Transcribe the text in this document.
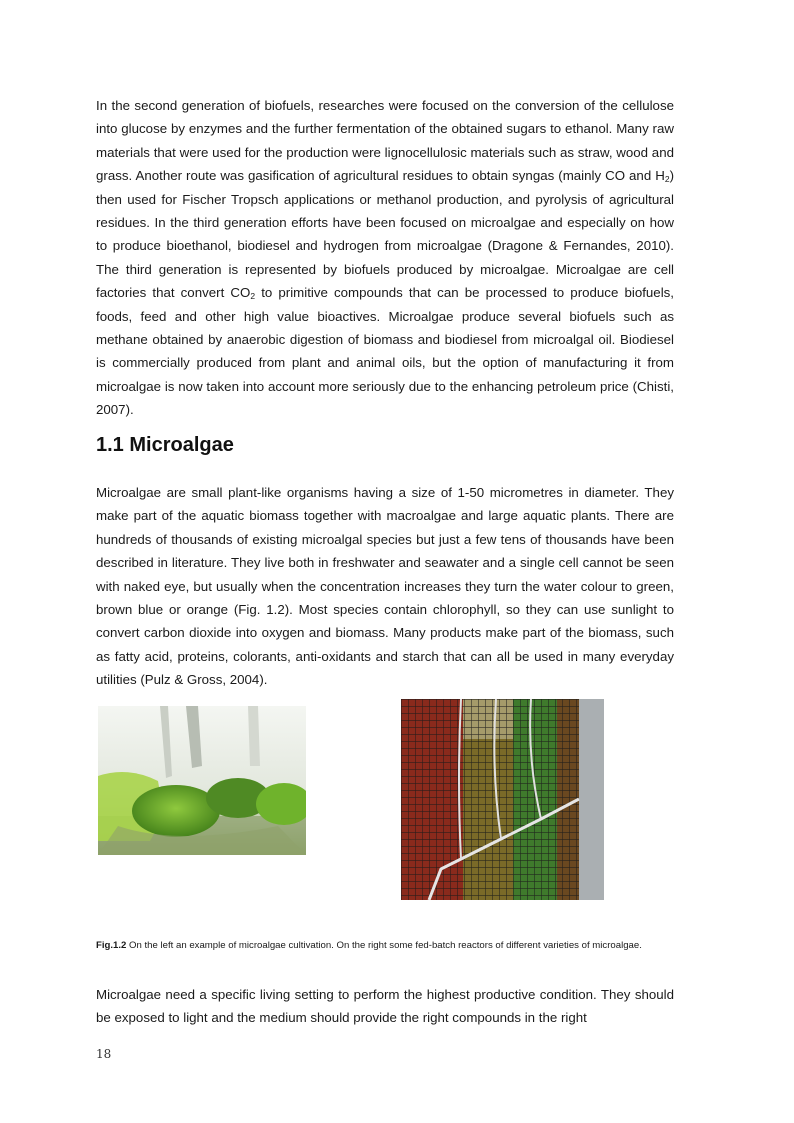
In the second generation of biofuels, researches were focused on the conversion of the cellulose into glucose by enzymes and the further fermentation of the obtained sugars to ethanol. Many raw materials that were used for the production were lignocellulosic materials such as straw, wood and grass. Another route was gasification of agricultural residues to obtain syngas (mainly CO and $H_2$) then used for Fischer Tropsch applications or methanol production, and pyrolysis of agricultural residues. In the third generation efforts have been focused on microalgae and especially on how to produce bioethanol, biodiesel and hydrogen from microalgae (Dragone & Fernandes, 2010). The third generation is represented by biofuels produced by microalgae. Microalgae are cell factories that convert $CO_2$ to primitive compounds that can be processed to produce biofuels, foods, feed and other high value bioactives. Microalgae produce several biofuels such as methane obtained by anaerobic digestion of biomass and biodiesel from microalgal oil. Biodiesel is commercially produced from plant and animal oils, but the option of manufacturing it from microalgae is now taken into account more seriously due to the enhancing petroleum price (Chisti, 2007).

1.1 Microalgae

Microalgae are small plant-like organisms having a size of 1-50 micrometres in diameter. They make part of the aquatic biomass together with macroalgae and large aquatic plants. There are hundreds of thousands of existing microalgal species but just a few tens of thousands have been described in literature. They live both in freshwater and seawater and a single cell cannot be seen with naked eye, but usually when the concentration increases they turn the water colour to green, brown blue or orange (Fig. 1.2). Most species contain chlorophyll, so they can use sunlight to convert carbon dioxide into oxygen and biomass. Many products make part of the biomass, such as fatty acid, proteins, colorants, anti-oxidants and starch that can all be used in many everyday utilities (Pulz & Gross, 2004).

Fig.1.2 On the left an example of microalgae cultivation. On the right some fed-batch reactors of different varieties of microalgae.

Microalgae need a specific living setting to perform the highest productive condition. They should be exposed to light and the medium should provide the right compounds in the right

18
